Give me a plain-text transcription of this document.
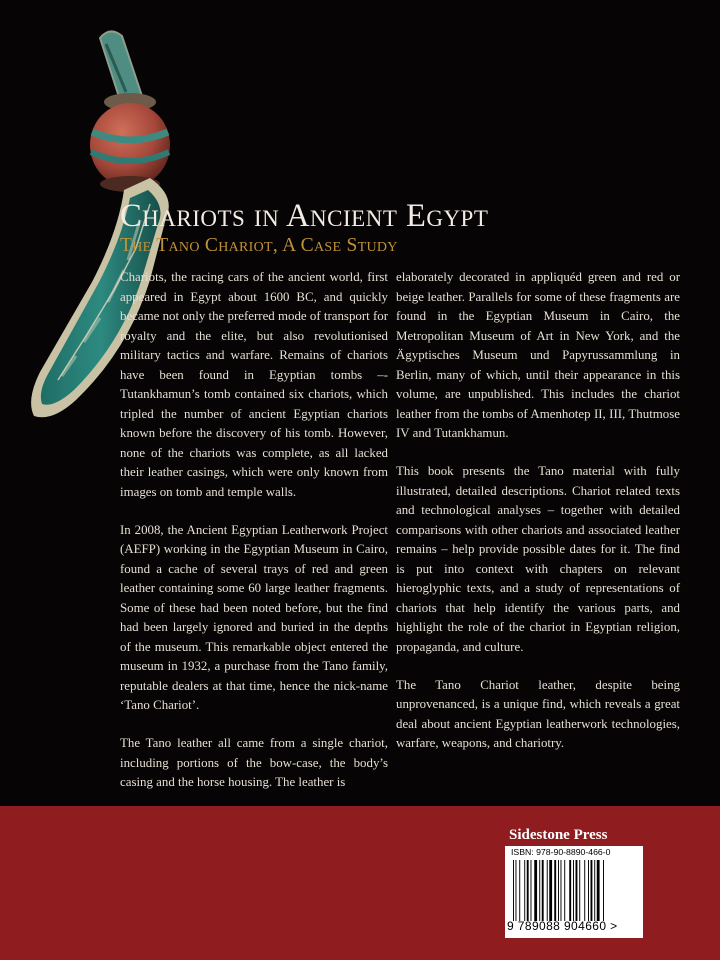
Chariots in Ancient Egypt
The Tano Chariot, A Case Study

Chariots, the racing cars of the ancient world, first appeared in Egypt about 1600 BC, and quickly became not only the preferred mode of transport for royalty and the elite, but also revolutionised military tactics and warfare. Remains of chariots have been found in Egyptian tombs –- Tutankhamun’s tomb contained six chariots, which tripled the number of ancient Egyptian chariots known before the discovery of his tomb. However, none of the chariots was complete, as all lacked their leather casings, which were only known from images on tomb and temple walls.

In 2008, the Ancient Egyptian Leatherwork Project (AEFP) working in the Egyptian Museum in Cairo, found a cache of several trays of red and green leather containing some 60 large leather fragments. Some of these had been noted before, but the find had been largely ignored and buried in the depths of the museum. This remarkable object entered the museum in 1932, a purchase from the Tano family, reputable dealers at that time, hence the nick-name ‘Tano Chariot’.

The Tano leather all came from a single chariot, including portions of the bow-case, the body’s casing and the horse housing. The leather is

elaborately decorated in appliquéd green and red or beige leather. Parallels for some of these fragments are found in the Egyptian Museum in Cairo, the Metropolitan Museum of Art in New York, and the Ägyptisches Museum und Papyrussammlung in Berlin, many of which, until their appearance in this volume, are unpublished. This includes the chariot leather from the tombs of Amenhotep II, III, Thutmose IV and Tutankhamun.

This book presents the Tano material with fully illustrated, detailed descriptions. Chariot related texts and technological analyses – together with detailed comparisons with other chariots and associated leather remains – help provide possible dates for it. The find is put into context with chapters on relevant hieroglyphic texts, and a study of representations of chariots that help identify the various parts, and highlight the role of the chariot in Egyptian religion, propaganda, and culture.

The Tano Chariot leather, despite being unprovenanced, is a unique find, which reveals a great deal about ancient Egyptian leatherwork technologies, warfare, weapons, and chariotry.

Sidestone Press
ISBN: 978-90-8890-466-0
9 789088 904660 >
